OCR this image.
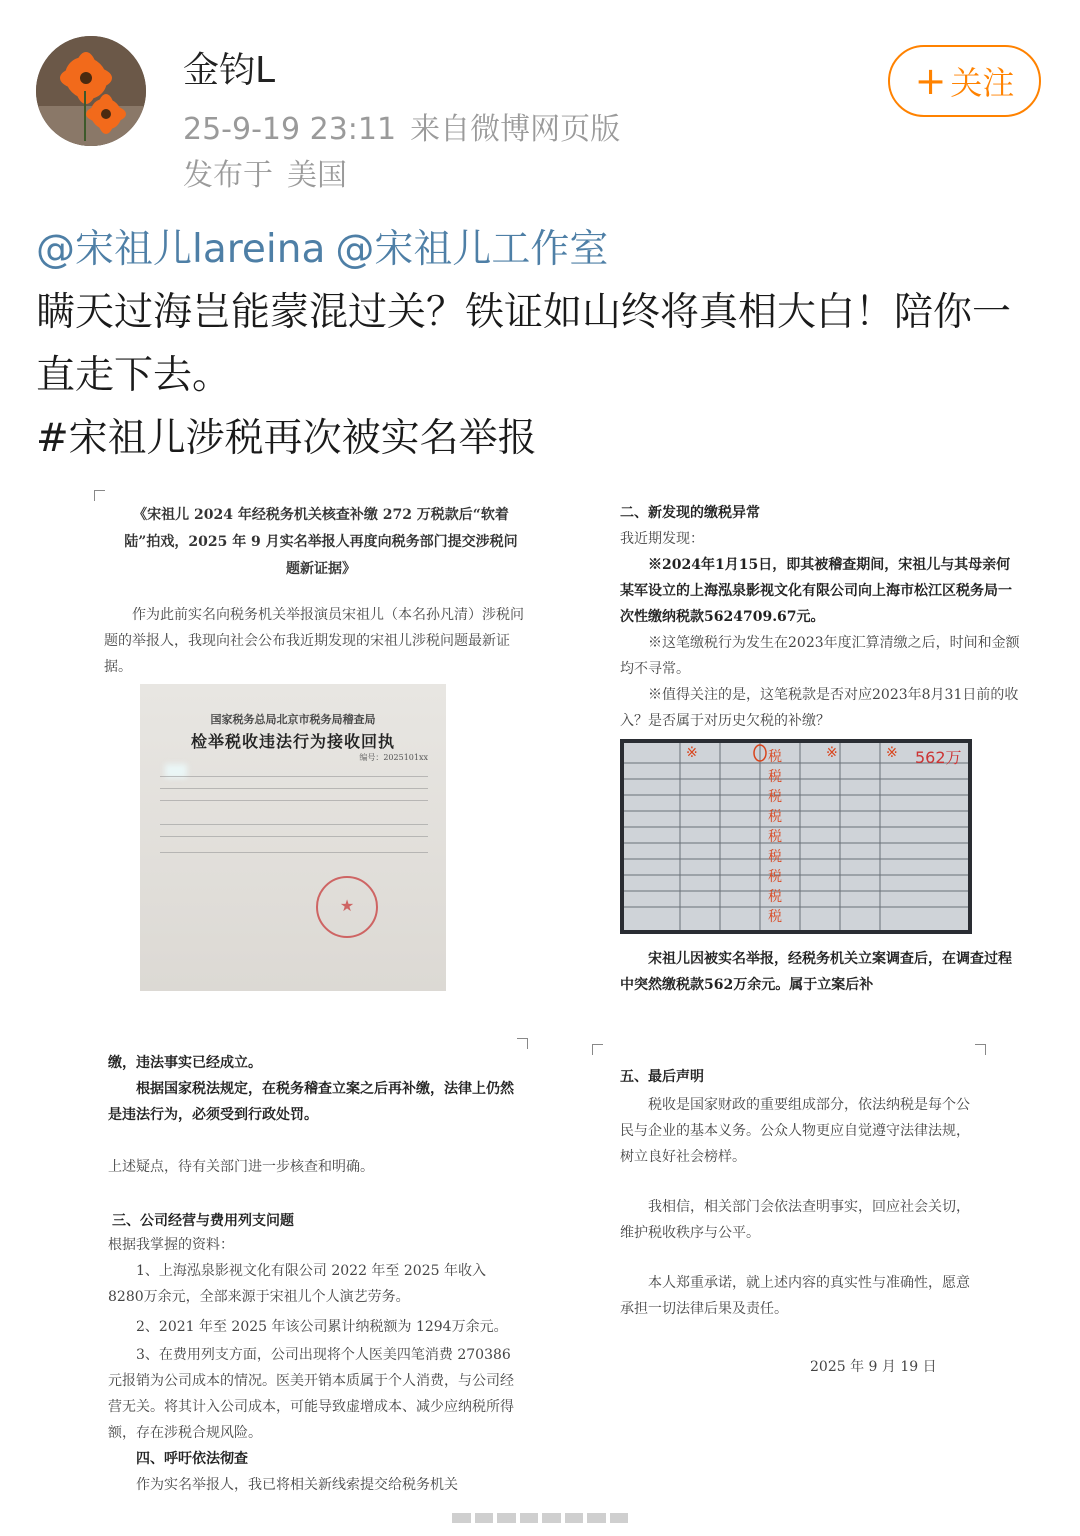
金钧L
25-9-19 23:11 来自微博网页版
发布于 美国
+ 关注
@宋祖儿lareina @宋祖儿工作室
瞒天过海岂能蒙混过关？铁证如山终将真相大白！陪你一直走下去。
#宋祖儿涉税再次被实名举报
《宋祖儿 2024 年经税务机关核查补缴 272 万税款后“软着陆”拍戏，2025 年 9 月实名举报人再度向税务部门提交涉税问题新证据》
作为此前实名向税务机关举报演员宋祖儿（本名孙凡清）涉税问题的举报人，我现向社会公布我近期发现的宋祖儿涉税问题最新证据。
国家税务总局北京市税务局稽查局
检举税收违法行为接收回执
编号：2025101xx
★
二、新发现的缴税异常
我近期发现：
※2024年1月15日，即其被稽查期间，宋祖儿与其母亲何某军设立的上海泓泉影视文化有限公司向上海市松江区税务局一次性缴纳税款5624709.67元。
※这笔缴税行为发生在2023年度汇算清缴之后，时间和金额均不寻常。
※值得关注的是，这笔税款是否对应2023年8月31日前的收入？是否属于对历史欠税的补缴？
税
税
税
税
税
税
税
税
税
※	※	※ 562万
宋祖儿因被实名举报，经税务机关立案调查后，在调查过程中突然缴税款562万余元。属于立案后补
缴，违法事实已经成立。
根据国家税法规定，在税务稽查立案之后再补缴，法律上仍然是违法行为，必须受到行政处罚。
上述疑点，待有关部门进一步核查和明确。
三、公司经营与费用列支问题
根据我掌握的资料：
1、上海泓泉影视文化有限公司 2022 年至 2025 年收入 8280万余元，全部来源于宋祖儿个人演艺劳务。
2、2021 年至 2025 年该公司累计纳税额为 1294万余元。
3、在费用列支方面，公司出现将个人医美四笔消费 270386 元报销为公司成本的情况。医美开销本质属于个人消费，与公司经营无关。将其计入公司成本，可能导致虚增成本、减少应纳税所得额，存在涉税合规风险。
四、呼吁依法彻查
作为实名举报人，我已将相关新线索提交给税务机关
五、最后声明
税收是国家财政的重要组成部分，依法纳税是每个公民与企业的基本义务。公众人物更应自觉遵守法律法规，树立良好社会榜样。
我相信，相关部门会依法查明事实，回应社会关切，维护税收秩序与公平。
本人郑重承诺，就上述内容的真实性与准确性，愿意承担一切法律后果及责任。
2025 年 9 月 19 日
